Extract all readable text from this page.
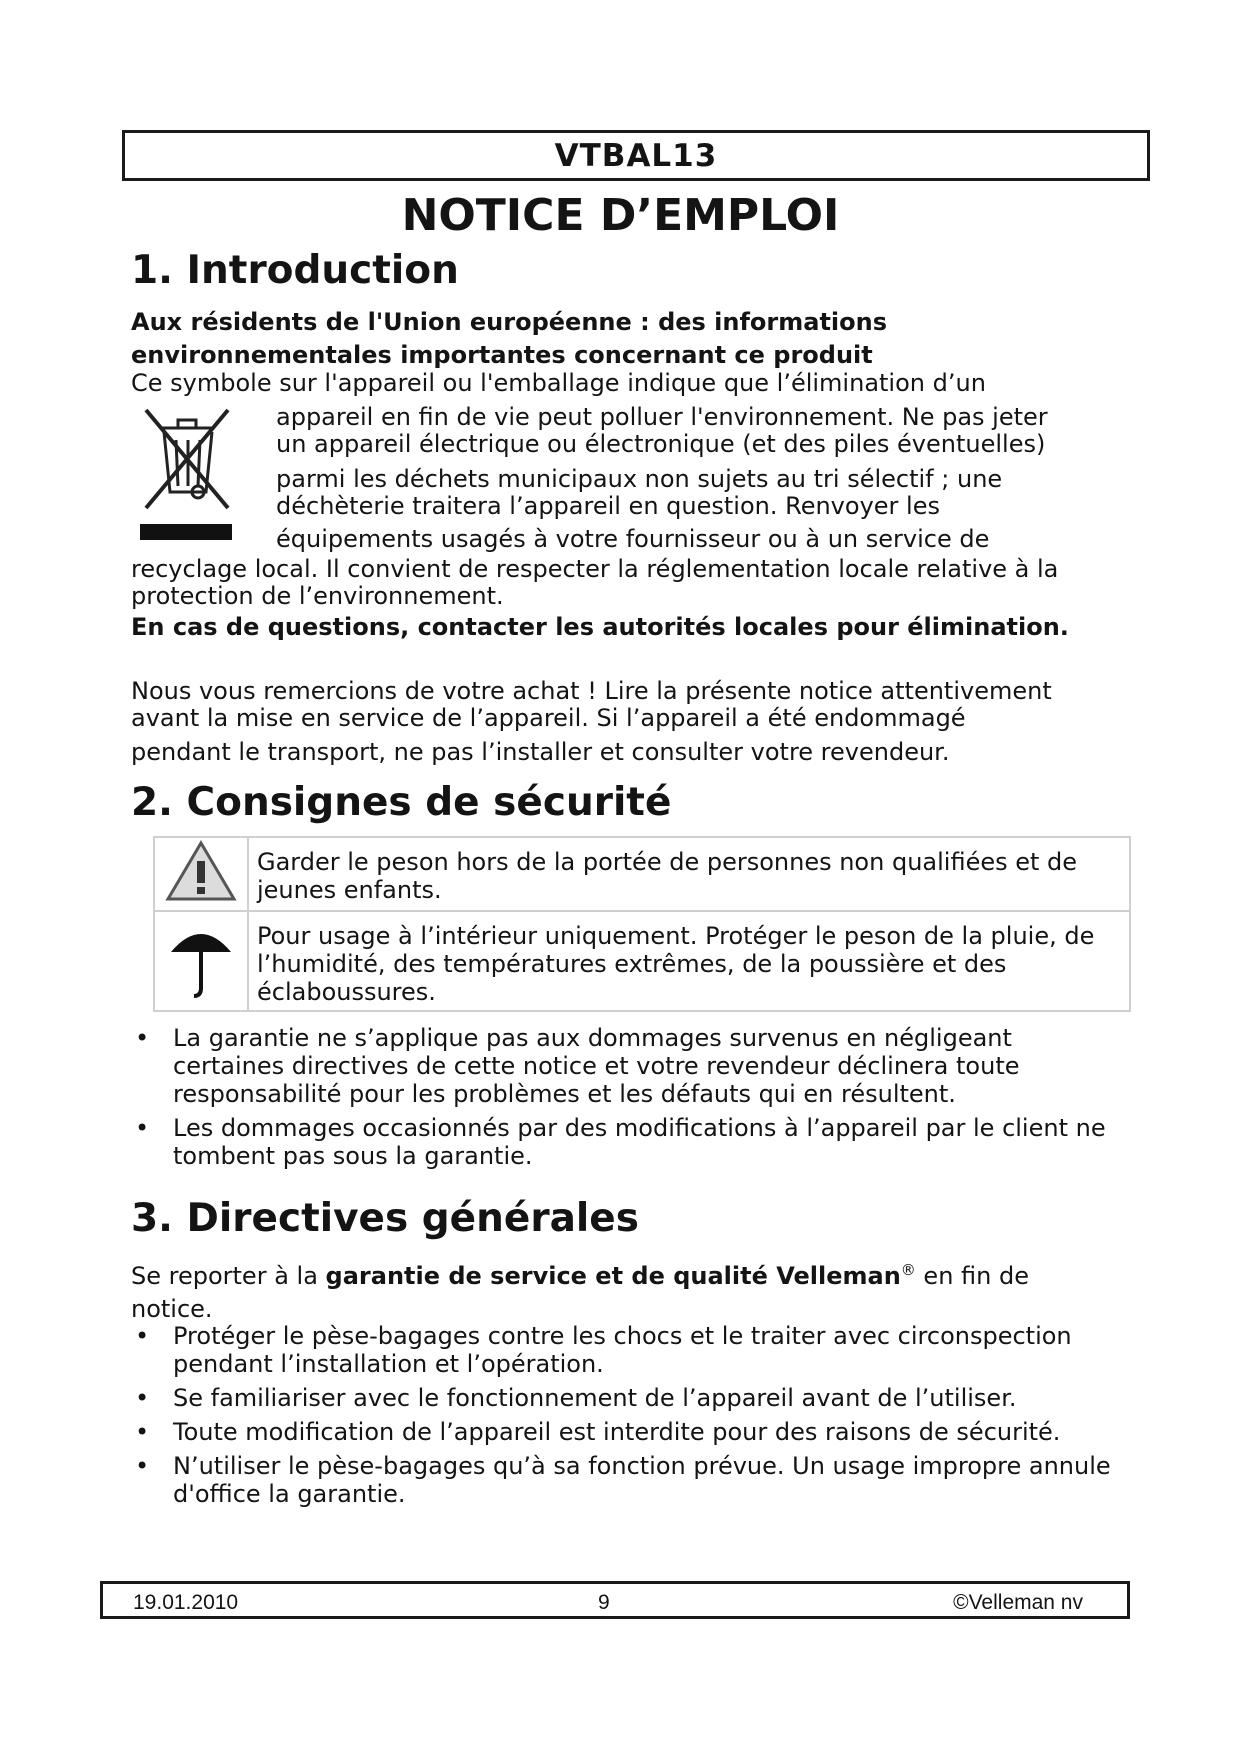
VTBAL13
NOTICE D’EMPLOI
1. Introduction
Aux résidents de l'Union européenne : des informations environnementales importantes concernant ce produit
Ce symbole sur l'appareil ou l'emballage indique que l’élimination d’un
appareil en fin de vie peut polluer l'environnement. Ne pas jeter
un appareil électrique ou électronique (et des piles éventuelles)
parmi les déchets municipaux non sujets au tri sélectif ; une
déchèterie traitera l’appareil en question. Renvoyer les
équipements usagés à votre fournisseur ou à un service de
recyclage local. Il convient de respecter la réglementation locale relative à la
protection de l’environnement.
En cas de questions, contacter les autorités locales pour élimination.
Nous vous remercions de votre achat ! Lire la présente notice attentivement
avant la mise en service de l’appareil. Si l’appareil a été endommagé
pendant le transport, ne pas l’installer et consulter votre revendeur.
2. Consignes de sécurité
	Garder le peson hors de la portée de personnes non qualifiées et de jeunes enfants.
	Pour usage à l’intérieur uniquement. Protéger le peson de la pluie, de l’humidité, des températures extrêmes, de la poussière et des éclaboussures.
• La garantie ne s’applique pas aux dommages survenus en négligeant certaines directives de cette notice et votre revendeur déclinera toute responsabilité pour les problèmes et les défauts qui en résultent.
• Les dommages occasionnés par des modifications à l’appareil par le client ne tombent pas sous la garantie.
3. Directives générales
Se reporter à la garantie de service et de qualité Velleman® en fin de notice.
• Protéger le pèse-bagages contre les chocs et le traiter avec circonspection pendant l’installation et l’opération.
• Se familiariser avec le fonctionnement de l’appareil avant de l’utiliser.
• Toute modification de l’appareil est interdite pour des raisons de sécurité.
• N’utiliser le pèse-bagages qu’à sa fonction prévue. Un usage impropre annule d'office la garantie.
19.01.2010	9	©Velleman nv
